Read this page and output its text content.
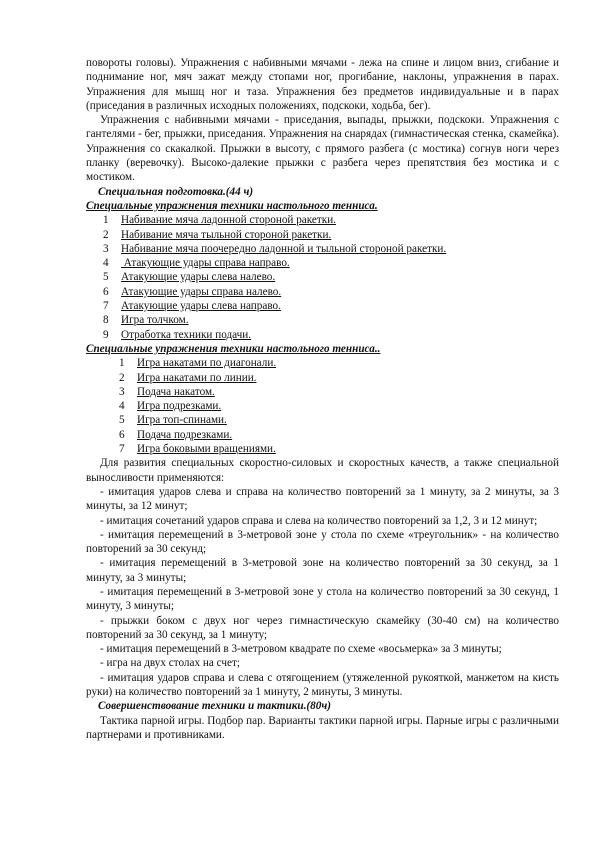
повороты головы). Упражнения с набивными мячами - лежа на спине и лицом вниз, сгибание и поднимание ног, мяч зажат между стопами ног, прогибание, наклоны, упражнения в парах. Упражнения для мышц ног и таза. Упражнения без предметов индивидуальные и в парах (приседания в различных исходных положениях, подскоки, ходьба, бег).

Упражнения с набивными мячами - приседания, выпады, прыжки, подскоки. Упражнения с гантелями - бег, прыжки, приседания. Упражнения на снарядах (гимнастическая стенка, скамейка). Упражнения со скакалкой. Прыжки в высоту, с прямого разбега (с мостика) согнув ноги через планку (веревочку). Высоко-далекие прыжки с разбега через препятствия без мостика и с мостиком.

Специальная подготовка.(44 ч)

Специальные упражнения техники настольного тенниса.

1	Набивание мяча ладонной стороной ракетки.
2	Набивание мяча тыльной стороной ракетки.
3	Набивание мяча поочередно ладонной и тыльной стороной ракетки.
4	Атакующие удары справа направо.
5	Атакующие удары слева налево.
6	Атакующие удары справа налево.
7	Атакующие удары слева направо.
8	Игра толчком.
9	Отработка техники подачи.

Специальные упражнения техники настольного тенниса..

1	Игра накатами по диагонали.
2	Игра накатами по линии.
3	Подача накатом.
4	Игра подрезками.
5	Игра топ-спинами.
6	Подача подрезками.
7	Игра боковыми вращениями.

Для развития специальных скоростно-силовых и скоростных качеств, а также специальной выносливости применяются:

- имитация ударов слева и справа на количество повторений за 1 минуту, за 2 минуты, за 3 минуты, за 12 минут;

- имитация сочетаний ударов справа и слева на количество повторений за 1,2, 3 и 12 минут;

- имитация перемещений в 3-метровой зоне у стола по схеме «треугольник» - на количество повторений за 30 секунд;

- имитация перемещений в 3-метровой зоне на количество повторений за 30 секунд, за 1 минуту, за 3 минуты;

- имитация перемещений в 3-метровой зоне у стола на количество повторений за 30 секунд, 1 минуту, 3 минуты;

- прыжки боком с двух ног через гимнастическую скамейку (30-40 см) на количество повторений за 30 секунд, за 1 минуту;

- имитация перемещений в 3-метровом квадрате по схеме «восьмерка» за 3 минуты;

- игра на двух столах на счет;

- имитация ударов справа и слева с отягощением (утяжеленной рукояткой, манжетом на кисть руки) на количество повторений за 1 минуту, 2 минуты, 3 минуты.

Совершенствование техники и тактики.(80ч)

Тактика парной игры. Подбор пар. Варианты тактики парной игры. Парные игры с различными партнерами и противниками.
